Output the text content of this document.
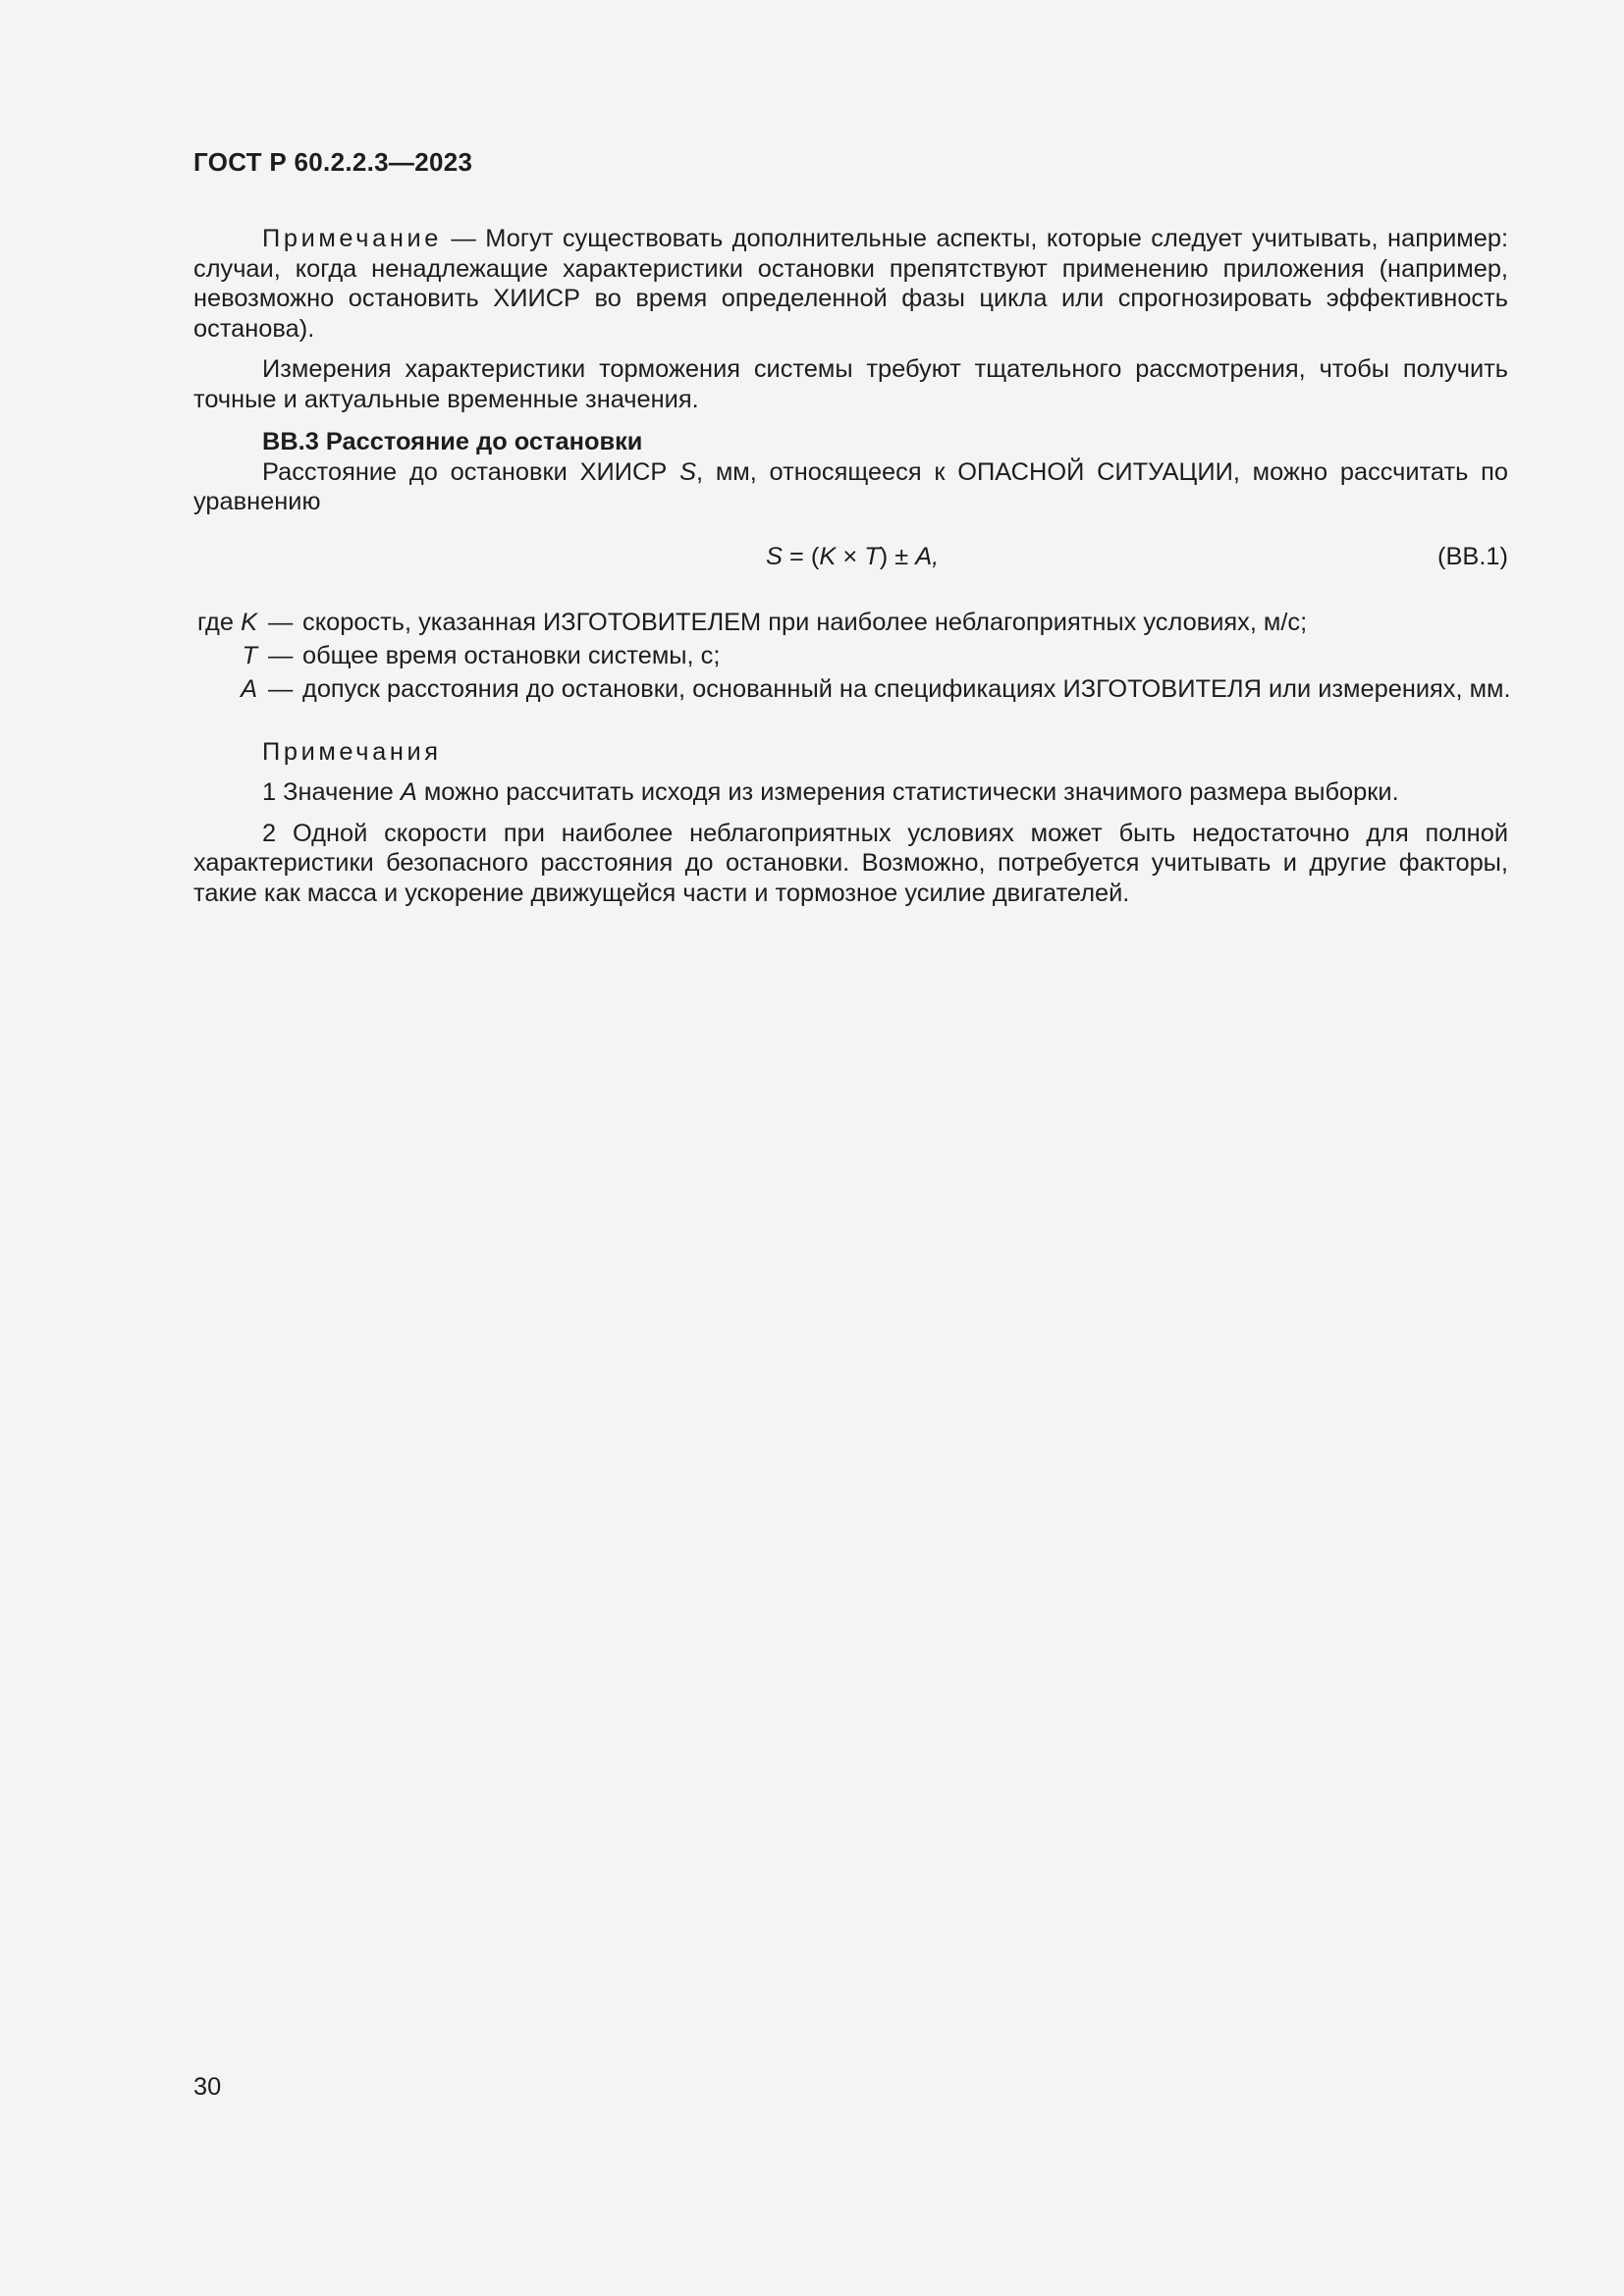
ГОСТ Р 60.2.2.3—2023

Примечание — Могут существовать дополнительные аспекты, которые следует учитывать, например: случаи, когда ненадлежащие характеристики остановки препятствуют применению приложения (например, невозможно остановить ХИИСР во время определенной фазы цикла или спрогнозировать эффективность останова).

Измерения характеристики торможения системы требуют тщательного рассмотрения, чтобы получить точные и актуальные временные значения.

ВВ.3 Расстояние до остановки

Расстояние до остановки ХИИСР S, мм, относящееся к ОПАСНОЙ СИТУАЦИИ, можно рассчитать по уравнению

S = (K × T) ± A,	(ВВ.1)
где K — скорость, указанная ИЗГОТОВИТЕЛЕМ при наиболее неблагоприятных условиях, м/с;
T — общее время остановки системы, с;
A — допуск расстояния до остановки, основанный на спецификациях ИЗГОТОВИТЕЛЯ или измерениях, мм.

Примечания

1 Значение A можно рассчитать исходя из измерения статистически значимого размера выборки.

2 Одной скорости при наиболее неблагоприятных условиях может быть недостаточно для полной характеристики безопасного расстояния до остановки. Возможно, потребуется учитывать и другие факторы, такие как масса и ускорение движущейся части и тормозное усилие двигателей.

30
